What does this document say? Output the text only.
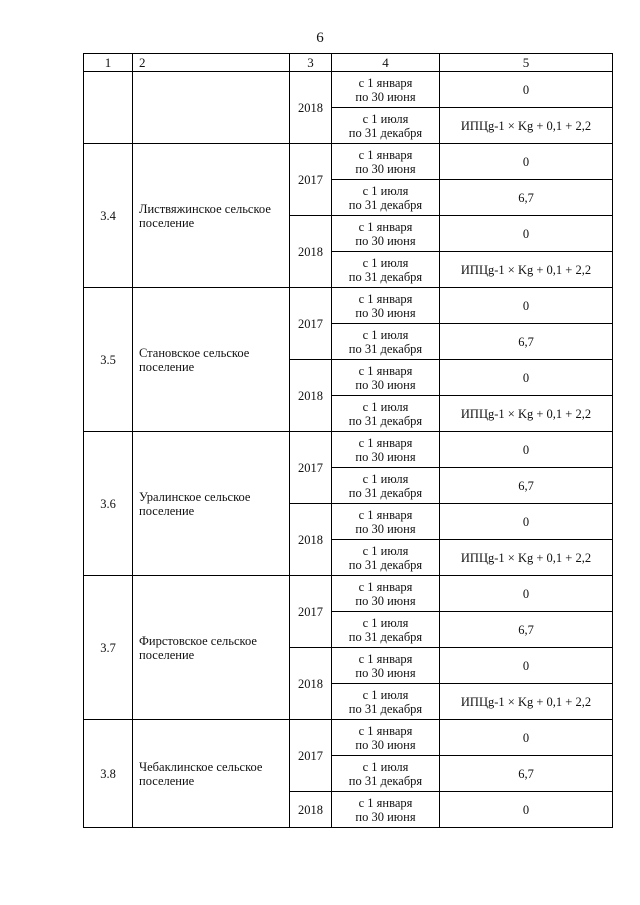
6
1	2	3	4	5
		2018	с 1 января
по 30 июня	0

			с 1 июля
по 31 декабря	ИПЦg-1 × Kg + 0,1 + 2,2
3.4	Листвяжинское сельское поселение	2017	с 1 января
по 30 июня	0

			с 1 июля
по 31 декабря	6,7
		2018	с 1 января
по 30 июня	0

			с 1 июля
по 31 декабря	ИПЦg-1 × Kg + 0,1 + 2,2
3.5	Становское сельское поселение	2017	с 1 января
по 30 июня	0

			с 1 июля
по 31 декабря	6,7
		2018	с 1 января
по 30 июня	0

			с 1 июля
по 31 декабря	ИПЦg-1 × Kg + 0,1 + 2,2
3.6	Уралинское сельское поселение	2017	с 1 января
по 30 июня	0

			с 1 июля
по 31 декабря	6,7
		2018	с 1 января
по 30 июня	0

			с 1 июля
по 31 декабря	ИПЦg-1 × Kg + 0,1 + 2,2
3.7	Фирстовское сельское поселение	2017	с 1 января
по 30 июня	0

			с 1 июля
по 31 декабря	6,7
		2018	с 1 января
по 30 июня	0

			с 1 июля
по 31 декабря	ИПЦg-1 × Kg + 0,1 + 2,2
3.8	Чебаклинское сельское поселение	2017	с 1 января
по 30 июня	0

			с 1 июля
по 31 декабря	6,7
		2018	с 1 января
по 30 июня	0
